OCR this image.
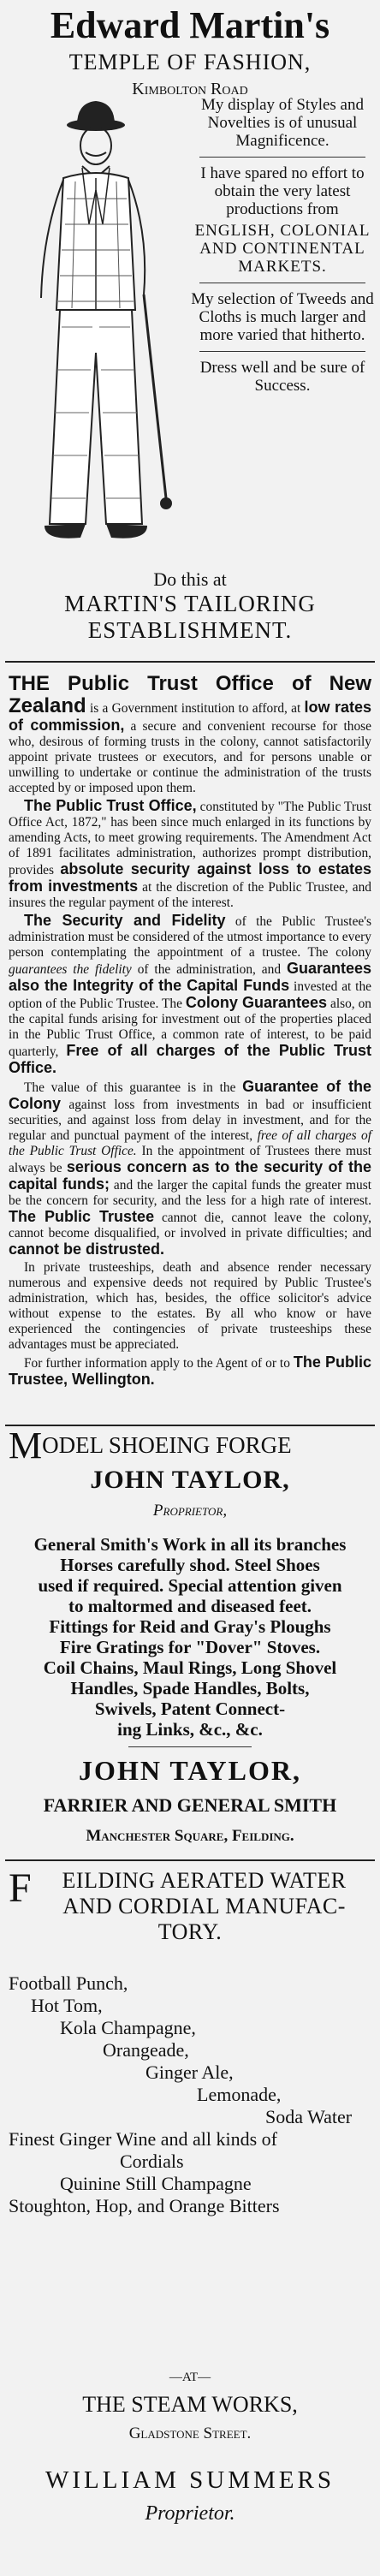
Edward Martin's
TEMPLE OF FASHION,
Kimbolton Road
My display of Styles and Novelties is of unusual Magnificence.
I have spared no effort to obtain the very latest productions from
ENGLISH, COLONIAL AND CONTINENTAL MARKETS.
My selection of Tweeds and Cloths is much larger and more varied that hitherto.
Dress well and be sure of Success.
Do this at
MARTIN'S TAILORING
ESTABLISHMENT.

THE Public Trust Office of New Zealand is a Government institution to afford, at low rates of commission, a secure and convenient recourse for those who, desirous of forming trusts in the colony, cannot satisfactorily appoint private trustees or executors, and for persons unable or unwilling to undertake or continue the administration of the trusts accepted by or imposed upon them.

The Public Trust Office, constituted by "The Public Trust Office Act, 1872," has been since much enlarged in its functions by amending Acts, to meet growing requirements. The Amendment Act of 1891 facilitates administration, authorizes prompt distribution, provides absolute security against loss to estates from investments at the discretion of the Public Trustee, and insures the regular payment of the interest.

The Security and Fidelity of the Public Trustee's administration must be considered of the utmost importance to every person contemplating the appointment of a trustee. The colony guarantees the fidelity of the administration, and Guarantees also the Integrity of the Capital Funds invested at the option of the Public Trustee. The Colony Guarantees also, on the capital funds arising for investment out of the properties placed in the Public Trust Office, a common rate of interest, to be paid quarterly, Free of all charges of the Public Trust Office.

The value of this guarantee is in the Guarantee of the Colony against loss from investments in bad or insufficient securities, and against loss from delay in investment, and for the regular and punctual payment of the interest, free of all charges of the Public Trust Office. In the appointment of Trustees there must always be serious concern as to the security of the capital funds; and the larger the capital funds the greater must be the concern for security, and the less for a high rate of interest. The Public Trustee cannot die, cannot leave the colony, cannot become disqualified, or involved in private difficulties; and cannot be distrusted.

In private trusteeships, death and absence render necessary numerous and expensive deeds not required by Public Trustee's administration, which has, besides, the office solicitor's advice without expense to the estates. By all who know or have experienced the contingencies of private trusteeships these advantages must be appreciated.

For further information apply to the Agent of or to The Public Trustee, Wellington.

MODEL SHOEING FORGE
JOHN TAYLOR,
Proprietor,
General Smith's Work in all its branches
Horses carefully shod. Steel Shoes
used if required. Special attention given
to maltormed and diseased feet.
Fittings for Reid and Gray's Ploughs
Fire Gratings for "Dover" Stoves.
Coil Chains, Maul Rings, Long Shovel
Handles, Spade Handles, Bolts,
Swivels, Patent Connect-
ing Links, &c., &c.
JOHN TAYLOR,
FARRIER AND GENERAL SMITH
Manchester Square, Feilding.
F	EILDING AERATED WATER
AND CORDIAL MANUFAC-
TORY.
Football Punch,
Hot Tom,
Kola Champagne,
Orangeade,
Ginger Ale,
Lemonade,
Soda Water
Finest Ginger Wine and all kinds of
Cordials
Quinine Still Champagne
Stoughton, Hop, and Orange Bitters
—AT—
THE STEAM WORKS,
Gladstone Street.
WILLIAM SUMMERS
Proprietor.
